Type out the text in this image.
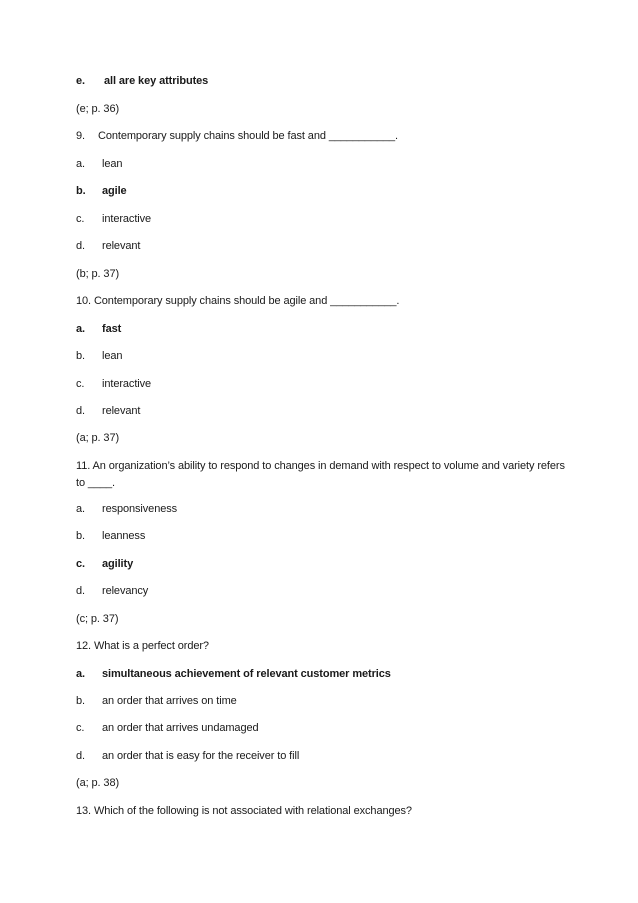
e. all are key attributes
(e; p. 36)
9. Contemporary supply chains should be fast and ___________.
a. lean
b. agile
c. interactive
d. relevant
(b; p. 37)
10. Contemporary supply chains should be agile and ___________.
a. fast
b. lean
c. interactive
d. relevant
(a; p. 37)
11. An organization’s ability to respond to changes in demand with respect to volume and variety refers to ____.
a. responsiveness
b. leanness
c. agility
d. relevancy
(c; p. 37)
12. What is a perfect order?
a. simultaneous achievement of relevant customer metrics
b. an order that arrives on time
c. an order that arrives undamaged
d. an order that is easy for the receiver to fill
(a; p. 38)
13. Which of the following is not associated with relational exchanges?
